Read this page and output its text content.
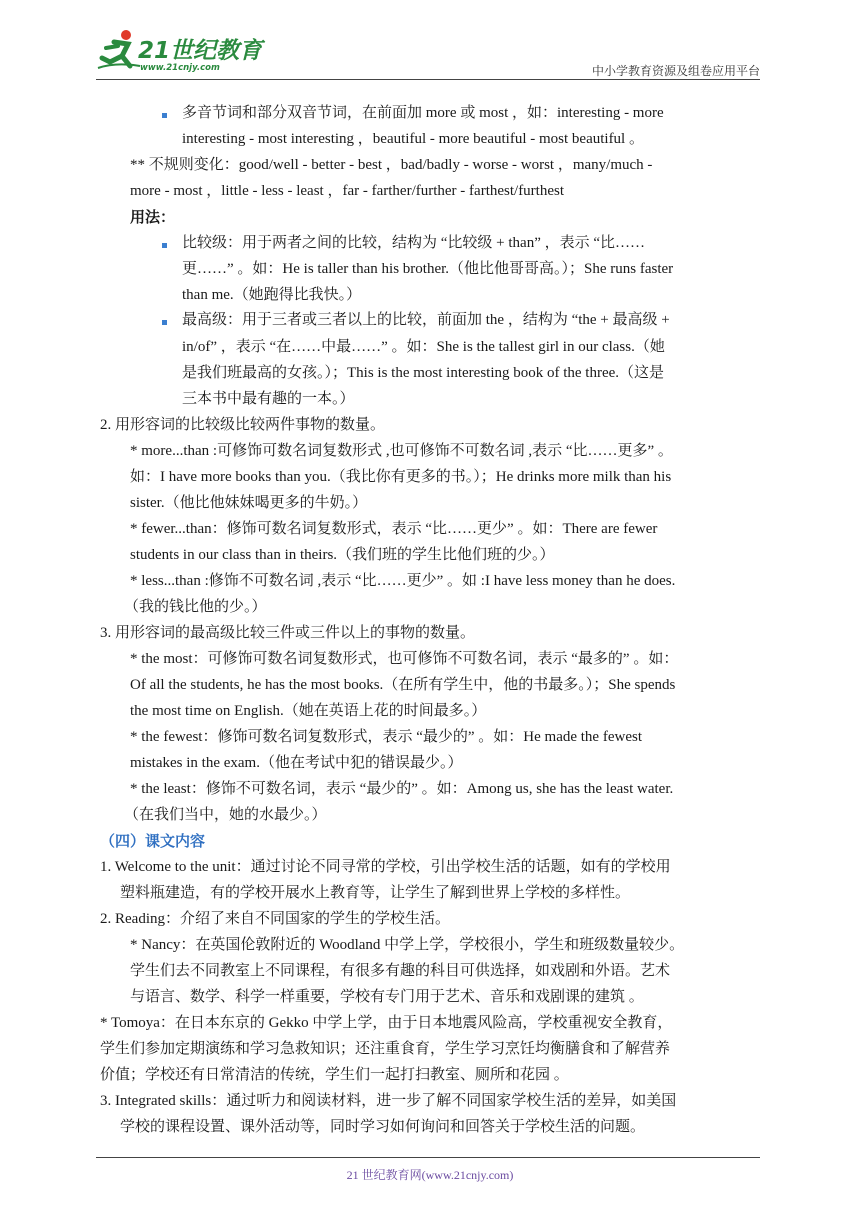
21世纪教育
www.21cnjy.com	中小学教育资源及组卷应用平台
多音节词和部分双音节词，在前面加 more 或 most ，如：interesting - more
interesting - most interesting ，beautiful - more beautiful - most beautiful 。
** 不规则变化：good/well - better - best ，bad/badly - worse - worst ，many/much -
more - most ，little - less - least ，far - farther/further - farthest/furthest
用法：
比较级：用于两者之间的比较，结构为 “比较级 + than” ，表示 “比……
更……” 。如：He is taller than his brother.（他比他哥哥高。）；She runs faster
than me.（她跑得比我快。）
最高级：用于三者或三者以上的比较，前面加 the ，结构为 “the + 最高级 +
in/of” ，表示 “在……中最……” 。如：She is the tallest girl in our class.（她
是我们班最高的女孩。）；This is the most interesting book of the three.（这是
三本书中最有趣的一本。）
2. 用形容词的比较级比较两件事物的数量。
* more...than :可修饰可数名词复数形式 ,也可修饰不可数名词 ,表示 “比……更多” 。
如：I have more books than you.（我比你有更多的书。）；He drinks more milk than his
sister.（他比他妹妹喝更多的牛奶。）
* fewer...than：修饰可数名词复数形式，表示 “比……更少” 。如：There are fewer
students in our class than in theirs.（我们班的学生比他们班的少。）
* less...than :修饰不可数名词 ,表示 “比……更少” 。如 :I have less money than he does.
（我的钱比他的少。）
3. 用形容词的最高级比较三件或三件以上的事物的数量。
* the most：可修饰可数名词复数形式，也可修饰不可数名词，表示 “最多的” 。如：
Of all the students, he has the most books.（在所有学生中，他的书最多。）；She spends
the most time on English.（她在英语上花的时间最多。）
* the fewest：修饰可数名词复数形式，表示 “最少的” 。如：He made the fewest
mistakes in the exam.（他在考试中犯的错误最少。）
* the least：修饰不可数名词，表示 “最少的” 。如：Among us, she has the least water.
（在我们当中，她的水最少。）
（四）课文内容
1. Welcome to the unit：通过讨论不同寻常的学校，引出学校生活的话题，如有的学校用
塑料瓶建造，有的学校开展水上教育等，让学生了解到世界上学校的多样性。
2. Reading：介绍了来自不同国家的学生的学校生活。
* Nancy：在英国伦敦附近的 Woodland 中学上学，学校很小，学生和班级数量较少。
学生们去不同教室上不同课程，有很多有趣的科目可供选择，如戏剧和外语。艺术
与语言、数学、科学一样重要，学校有专门用于艺术、音乐和戏剧课的建筑 。
* Tomoya：在日本东京的 Gekko 中学上学，由于日本地震风险高，学校重视安全教育，
学生们参加定期演练和学习急救知识；还注重食育，学生学习烹饪均衡膳食和了解营养
价值；学校还有日常清洁的传统，学生们一起打扫教室、厕所和花园 。
3. Integrated skills：通过听力和阅读材料，进一步了解不同国家学校生活的差异，如美国
学校的课程设置、课外活动等，同时学习如何询问和回答关于学校生活的问题。
21 世纪教育网(www.21cnjy.com)
